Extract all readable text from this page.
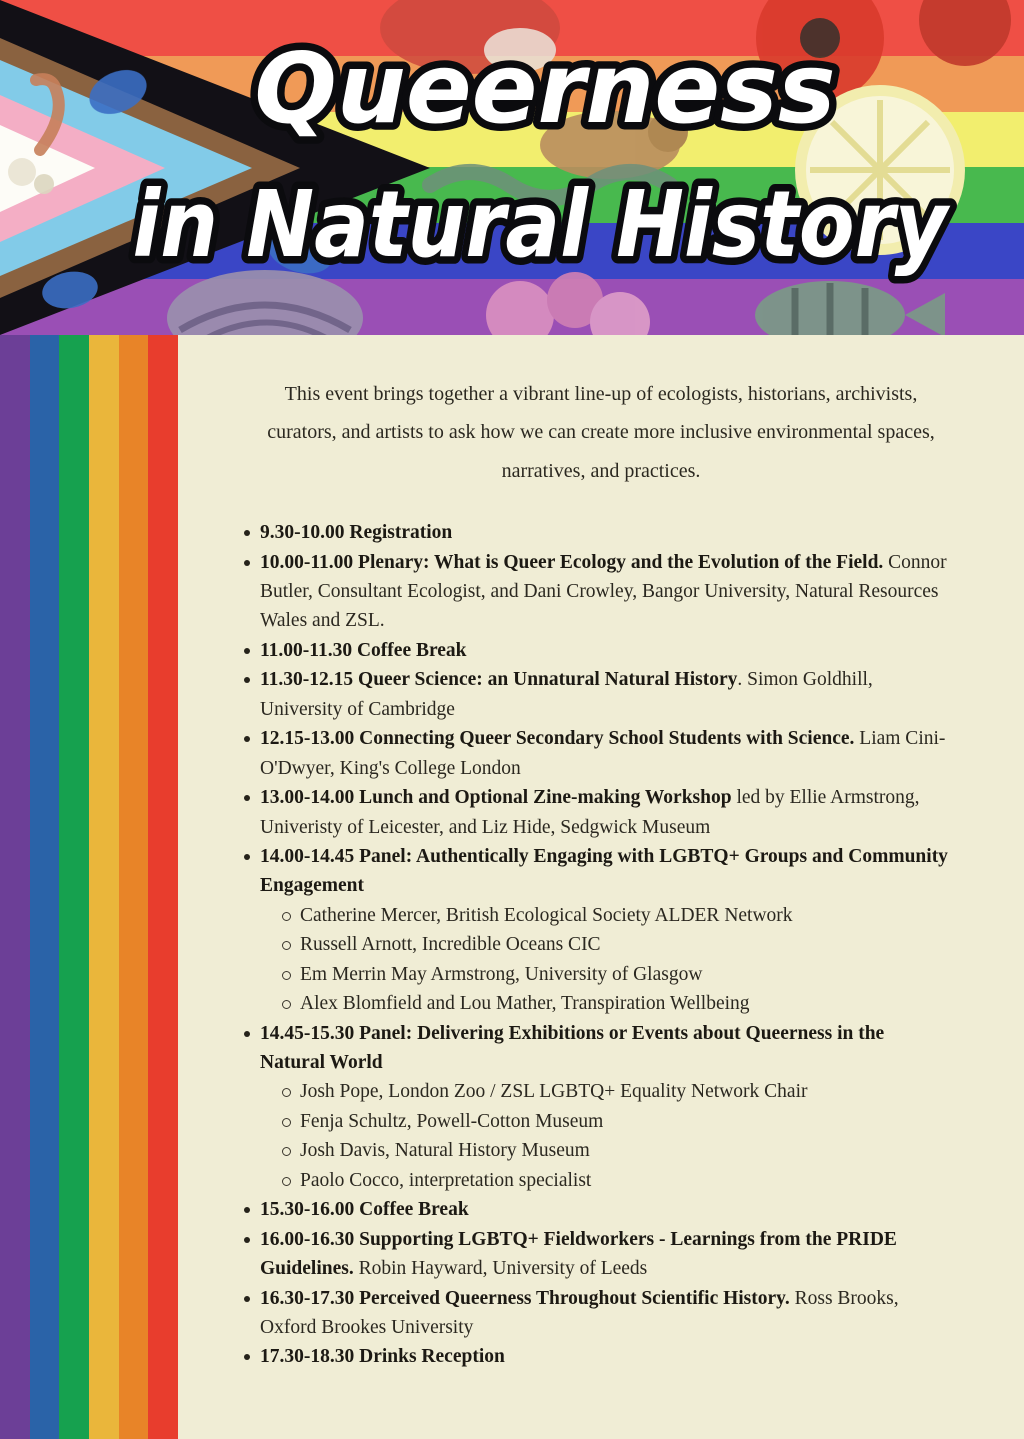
Queerness
in Natural History

This event brings together a vibrant line-up of ecologists, historians, archivists, curators, and artists to ask how we can create more inclusive environmental spaces, narratives, and practices.

9.30-10.00 Registration
10.00-11.00 Plenary: What is Queer Ecology and the Evolution of the Field. Connor Butler, Consultant Ecologist, and Dani Crowley, Bangor University, Natural Resources Wales and ZSL.
11.00-11.30 Coffee Break
11.30-12.15 Queer Science: an Unnatural Natural History. Simon Goldhill, University of Cambridge
12.15-13.00 Connecting Queer Secondary School Students with Science. Liam Cini-O'Dwyer, King's College London
13.00-14.00 Lunch and Optional Zine-making Workshop led by Ellie Armstrong, Univeristy of Leicester, and Liz Hide, Sedgwick Museum
14.00-14.45 Panel: Authentically Engaging with LGBTQ+ Groups and Community Engagement
Catherine Mercer, British Ecological Society ALDER Network
Russell Arnott, Incredible Oceans CIC
Em Merrin May Armstrong, University of Glasgow
Alex Blomfield and Lou Mather, Transpiration Wellbeing
14.45-15.30 Panel: Delivering Exhibitions or Events about Queerness in the Natural World
Josh Pope, London Zoo / ZSL LGBTQ+ Equality Network Chair
Fenja Schultz, Powell-Cotton Museum
Josh Davis, Natural History Museum
Paolo Cocco, interpretation specialist
15.30-16.00 Coffee Break
16.00-16.30 Supporting LGBTQ+ Fieldworkers - Learnings from the PRIDE Guidelines. Robin Hayward, University of Leeds
16.30-17.30 Perceived Queerness Throughout Scientific History. Ross Brooks, Oxford Brookes University
17.30-18.30 Drinks Reception
